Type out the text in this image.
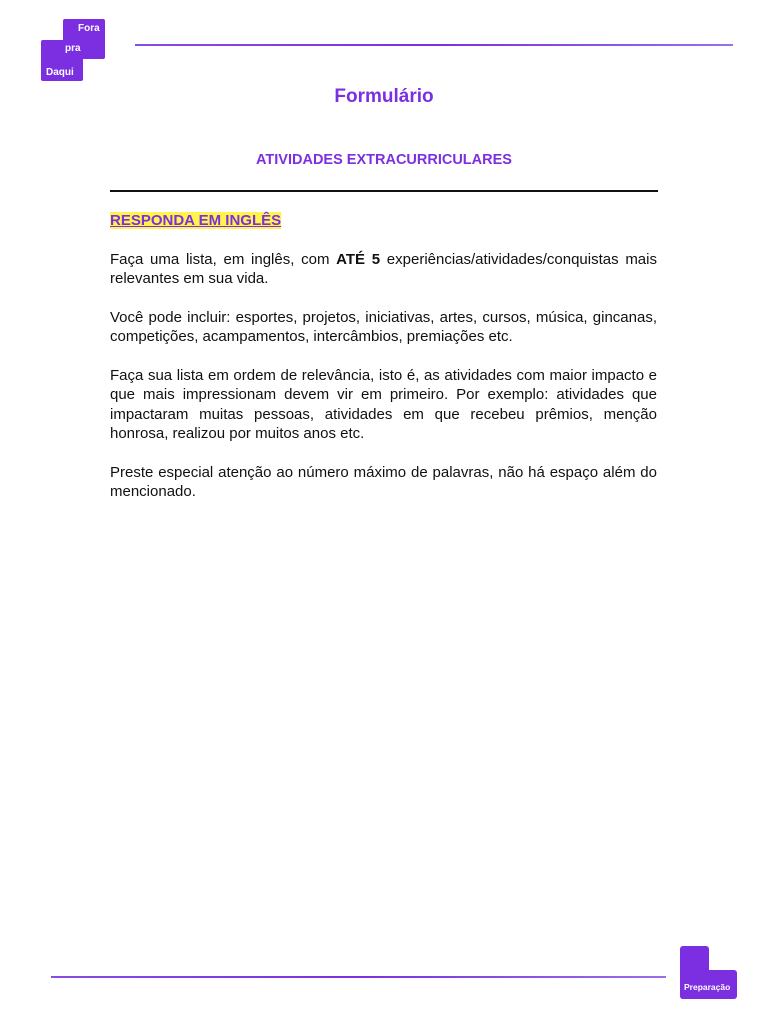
Fora
pra
Daqui
Formulário
ATIVIDADES EXTRACURRICULARES

RESPONDA EM INGLÊS

Faça uma lista, em inglês, com ATÉ 5 experiências/atividades/conquistas mais relevantes em sua vida.

Você pode incluir: esportes, projetos, iniciativas, artes, cursos, música, gincanas, competições, acampamentos, intercâmbios, premiações etc.

Faça sua lista em ordem de relevância, isto é, as atividades com maior impacto e que mais impressionam devem vir em primeiro. Por exemplo: atividades que impactaram muitas pessoas, atividades em que recebeu prêmios, menção honrosa, realizou por muitos anos etc.

Preste especial atenção ao número máximo de palavras, não há espaço além do mencionado.

Preparação
